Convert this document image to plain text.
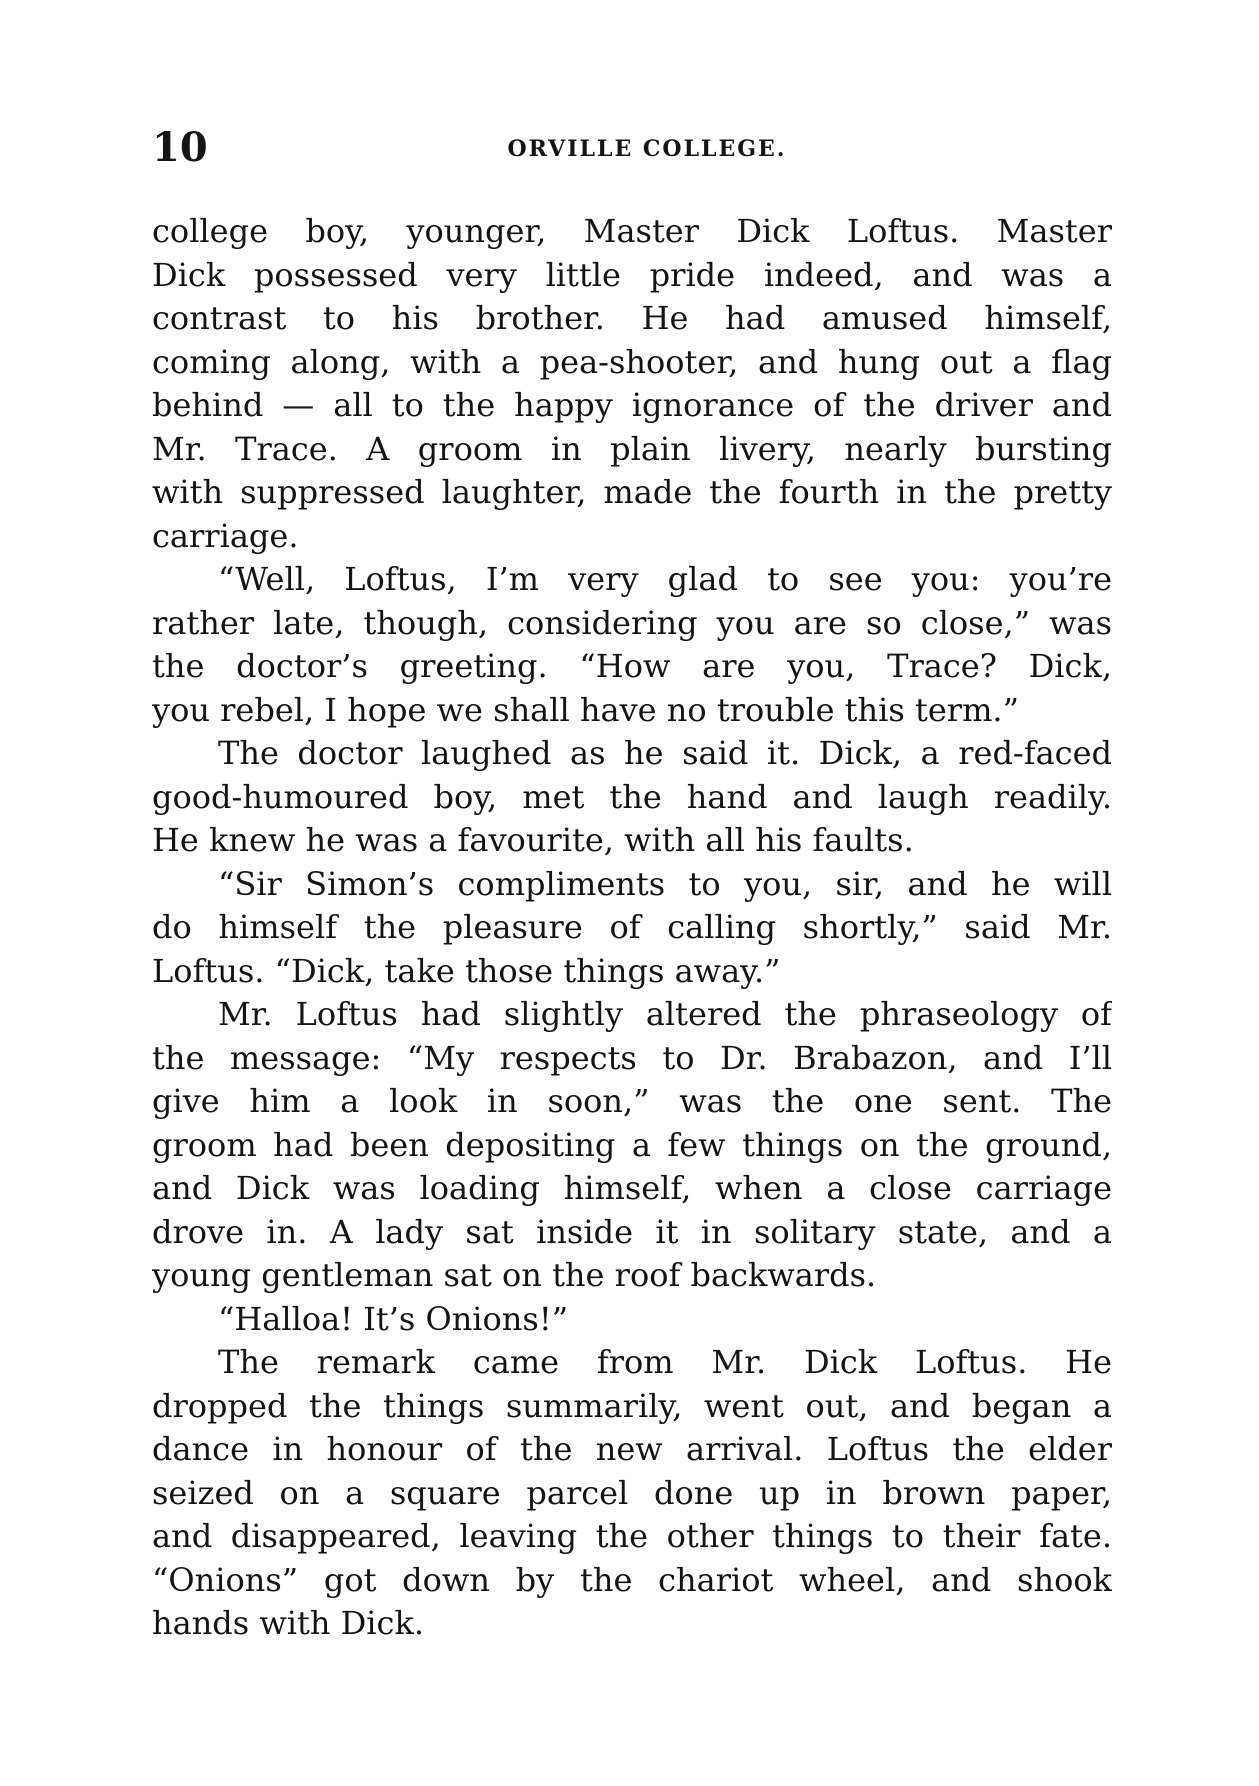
10	ORVILLE COLLEGE.
college boy, younger, Master Dick Loftus. Master
Dick possessed very little pride indeed, and was a
contrast to his brother. He had amused himself,
coming along, with a pea-shooter, and hung out a flag
behind — all to the happy ignorance of the driver and
Mr. Trace. A groom in plain livery, nearly bursting
with suppressed laughter, made the fourth in the pretty
carriage.
“Well, Loftus, I’m very glad to see you: you’re
rather late, though, considering you are so close,” was
the doctor’s greeting. “How are you, Trace? Dick,
you rebel, I hope we shall have no trouble this term.”
The doctor laughed as he said it. Dick, a red-faced
good-humoured boy, met the hand and laugh readily.
He knew he was a favourite, with all his faults.
“Sir Simon’s compliments to you, sir, and he will
do himself the pleasure of calling shortly,” said Mr.
Loftus. “Dick, take those things away.”
Mr. Loftus had slightly altered the phraseology of
the message: “My respects to Dr. Brabazon, and I’ll
give him a look in soon,” was the one sent. The
groom had been depositing a few things on the ground,
and Dick was loading himself, when a close carriage
drove in. A lady sat inside it in solitary state, and a
young gentleman sat on the roof backwards.
“Halloa! It’s Onions!”
The remark came from Mr. Dick Loftus. He
dropped the things summarily, went out, and began a
dance in honour of the new arrival. Loftus the elder
seized on a square parcel done up in brown paper,
and disappeared, leaving the other things to their fate.
“Onions” got down by the chariot wheel, and shook
hands with Dick.
